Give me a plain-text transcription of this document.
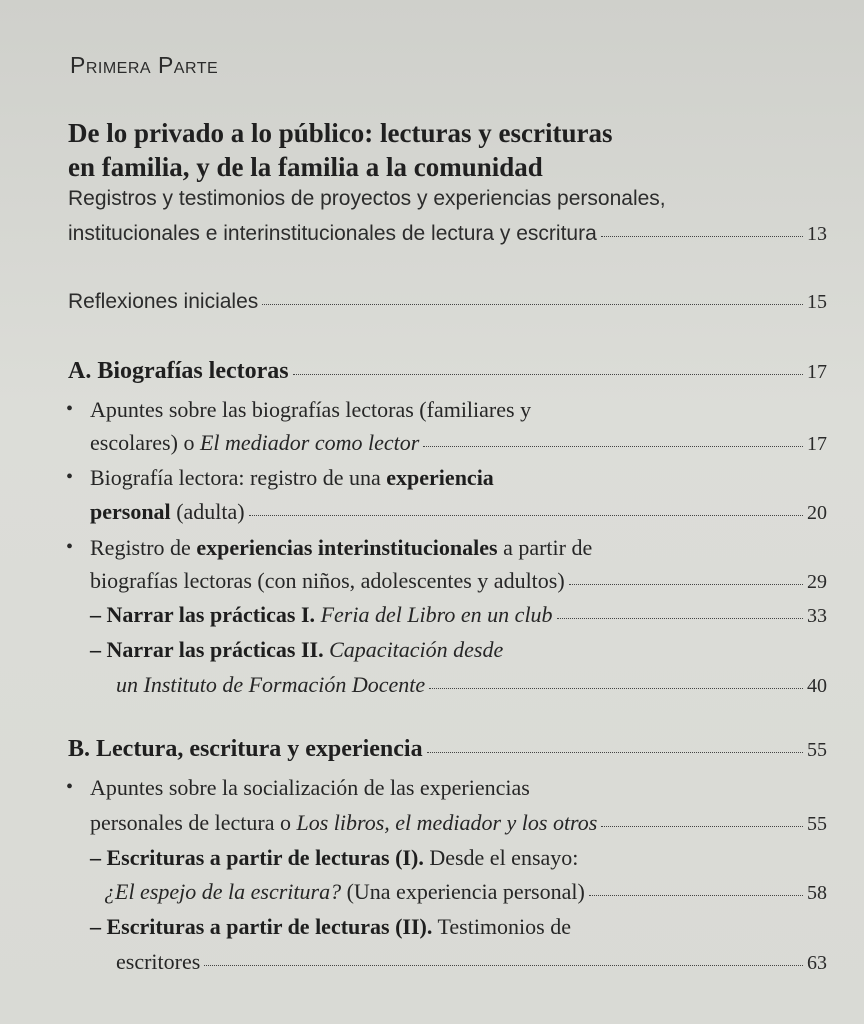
Primera Parte
De lo privado a lo público: lecturas y escrituras
en familia, y de la familia a la comunidad
Registros y testimonios de proyectos y experiencias personales,
institucionales e interinstitucionales de lectura y escritura	13
Reflexiones iniciales	15
A. Biografías lectoras	17
• Apuntes sobre las biografías lectoras (familiares y
escolares) o El mediador como lector	17
• Biografía lectora: registro de una experiencia
personal (adulta)	20
• Registro de experiencias interinstitucionales a partir de
biografías lectoras (con niños, adolescentes y adultos)	29
– Narrar las prácticas I. Feria del Libro en un club	33
– Narrar las prácticas II. Capacitación desde
un Instituto de Formación Docente	40
B. Lectura, escritura y experiencia	55
• Apuntes sobre la socialización de las experiencias
personales de lectura o Los libros, el mediador y los otros	55
– Escrituras a partir de lecturas (I). Desde el ensayo:
¿El espejo de la escritura? (Una experiencia personal)	58
– Escrituras a partir de lecturas (II). Testimonios de
escritores	63
